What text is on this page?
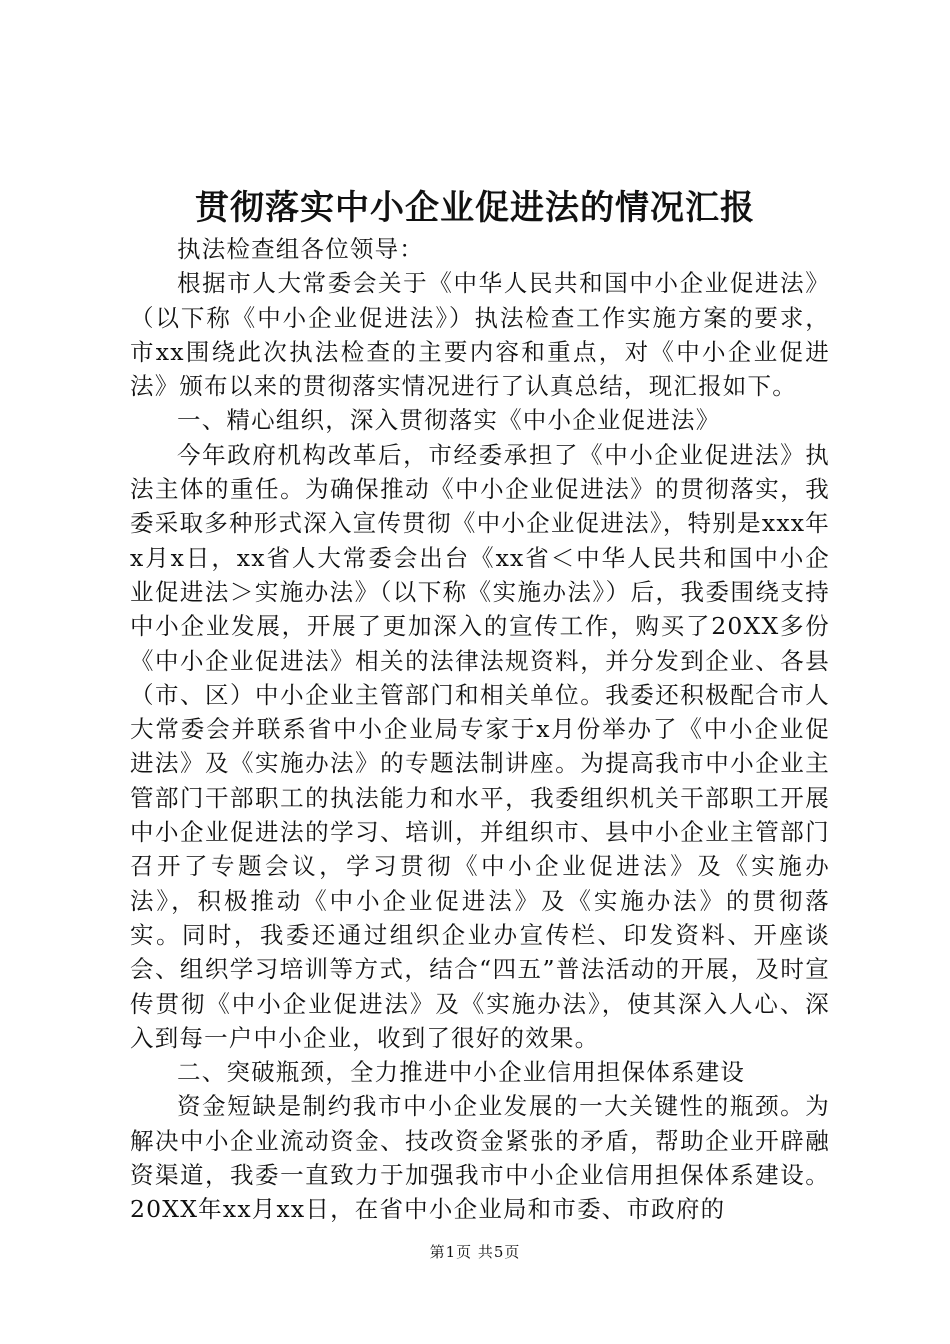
贯彻落实中小企业促进法的情况汇报

执法检查组各位领导：

根据市人大常委会关于《中华人民共和国中小企业促进法》（以下称《中小企业促进法》）执法检查工作实施方案的要求，市xx围绕此次执法检查的主要内容和重点，对《中小企业促进法》颁布以来的贯彻落实情况进行了认真总结，现汇报如下。

一、精心组织，深入贯彻落实《中小企业促进法》

今年政府机构改革后，市经委承担了《中小企业促进法》执法主体的重任。为确保推动《中小企业促进法》的贯彻落实，我委采取多种形式深入宣传贯彻《中小企业促进法》，特别是xxx年x月x日，xx省人大常委会出台《xx省＜中华人民共和国中小企业促进法＞实施办法》（以下称《实施办法》）后，我委围绕支持中小企业发展，开展了更加深入的宣传工作，购买了20XX多份《中小企业促进法》相关的法律法规资料，并分发到企业、各县（市、区）中小企业主管部门和相关单位。我委还积极配合市人大常委会并联系省中小企业局专家于x月份举办了《中小企业促进法》及《实施办法》的专题法制讲座。为提高我市中小企业主管部门干部职工的执法能力和水平，我委组织机关干部职工开展中小企业促进法的学习、培训，并组织市、县中小企业主管部门召开了专题会议，学习贯彻《中小企业促进法》及《实施办法》，积极推动《中小企业促进法》及《实施办法》的贯彻落实。同时，我委还通过组织企业办宣传栏、印发资料、开座谈会、组织学习培训等方式，结合“四五”普法活动的开展，及时宣传贯彻《中小企业促进法》及《实施办法》，使其深入人心、深入到每一户中小企业，收到了很好的效果。

二、突破瓶颈，全力推进中小企业信用担保体系建设

资金短缺是制约我市中小企业发展的一大关键性的瓶颈。为解决中小企业流动资金、技改资金紧张的矛盾，帮助企业开辟融资渠道，我委一直致力于加强我市中小企业信用担保体系建设。20XX年xx月xx日，在省中小企业局和市委、市政府的

第1页 共5页
